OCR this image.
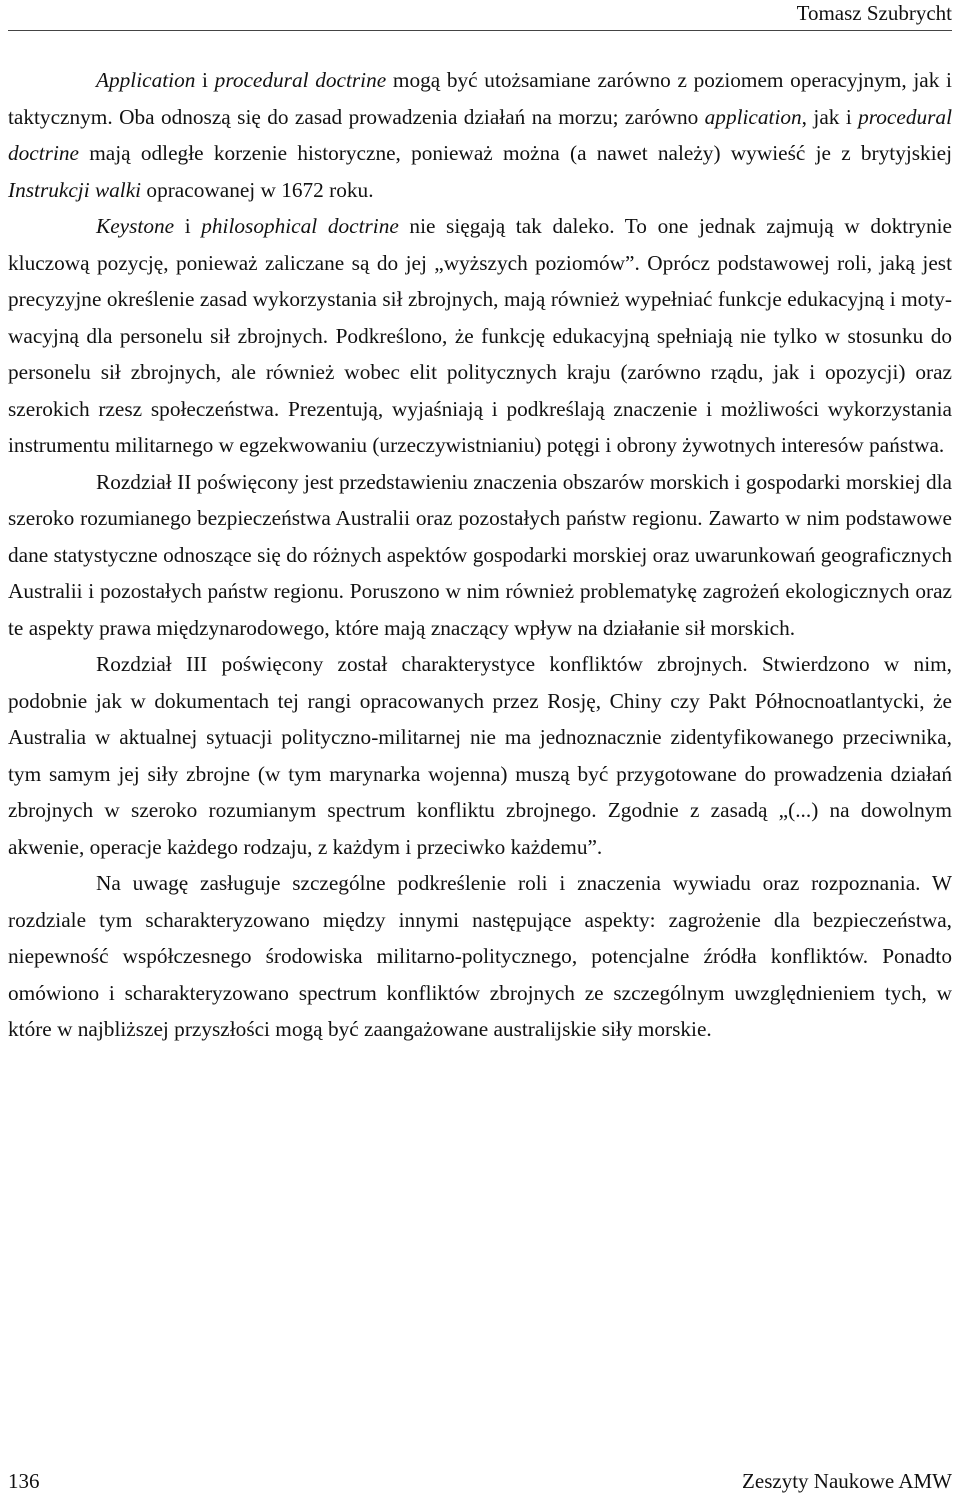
Tomasz Szubrycht

Application i procedural doctrine mogą być utożsamiane zarówno z poziomem operacyjnym, jak i taktycznym. Oba odnoszą się do zasad prowadzenia działań na morzu; zarówno application, jak i procedural doctrine mają odległe korzenie historyczne, ponieważ można (a nawet należy) wywieść je z brytyjskiej Instrukcji walki opracowanej w 1672 roku.

Keystone i philosophical doctrine nie sięgają tak daleko. To one jednak zajmują w doktrynie kluczową pozycję, ponieważ zaliczane są do jej „wyższych poziomów”. Oprócz podstawowej roli, jaką jest precyzyjne określenie zasad wykorzystania sił zbrojnych, mają również wypełniać funkcje edukacyjną i motywacyjną dla personelu sił zbrojnych. Podkreślono, że funkcję edukacyjną spełniają nie tylko w stosunku do personelu sił zbrojnych, ale również wobec elit politycznych kraju (zarówno rządu, jak i opozycji) oraz szerokich rzesz społeczeństwa. Prezentują, wyjaśniają i podkreślają znaczenie i możliwości wykorzystania instrumentu militarnego w egzekwowaniu (urzeczywistnianiu) potęgi i obrony żywotnych interesów państwa.

Rozdział II poświęcony jest przedstawieniu znaczenia obszarów morskich i gospodarki morskiej dla szeroko rozumianego bezpieczeństwa Australii oraz pozostałych państw regionu. Zawarto w nim podstawowe dane statystyczne odnoszące się do różnych aspektów gospodarki morskiej oraz uwarunkowań geograficznych Australii i pozostałych państw regionu. Poruszono w nim również problematykę zagrożeń ekologicznych oraz te aspekty prawa międzynarodowego, które mają znaczący wpływ na działanie sił morskich.

Rozdział III poświęcony został charakterystyce konfliktów zbrojnych. Stwierdzono w nim, podobnie jak w dokumentach tej rangi opracowanych przez Rosję, Chiny czy Pakt Północnoatlantycki, że Australia w aktualnej sytuacji polityczno-militarnej nie ma jednoznacznie zidentyfikowanego przeciwnika, tym samym jej siły zbrojne (w tym marynarka wojenna) muszą być przygotowane do prowadzenia działań zbrojnych w szeroko rozumianym spectrum konfliktu zbrojnego. Zgodnie z zasadą „(...) na dowolnym akwenie, operacje każdego rodzaju, z każdym i przeciwko każdemu”.

Na uwagę zasługuje szczególne podkreślenie roli i znaczenia wywiadu oraz rozpoznania. W rozdziale tym scharakteryzowano między innymi następujące aspekty: zagrożenie dla bezpieczeństwa, niepewność współczesnego środowiska militarno-politycznego, potencjalne źródła konfliktów. Ponadto omówiono i scharakteryzowano spectrum konfliktów zbrojnych ze szczególnym uwzględnieniem tych, w które w najbliższej przyszłości mogą być zaangażowane australijskie siły morskie.

136	Zeszyty Naukowe AMW
